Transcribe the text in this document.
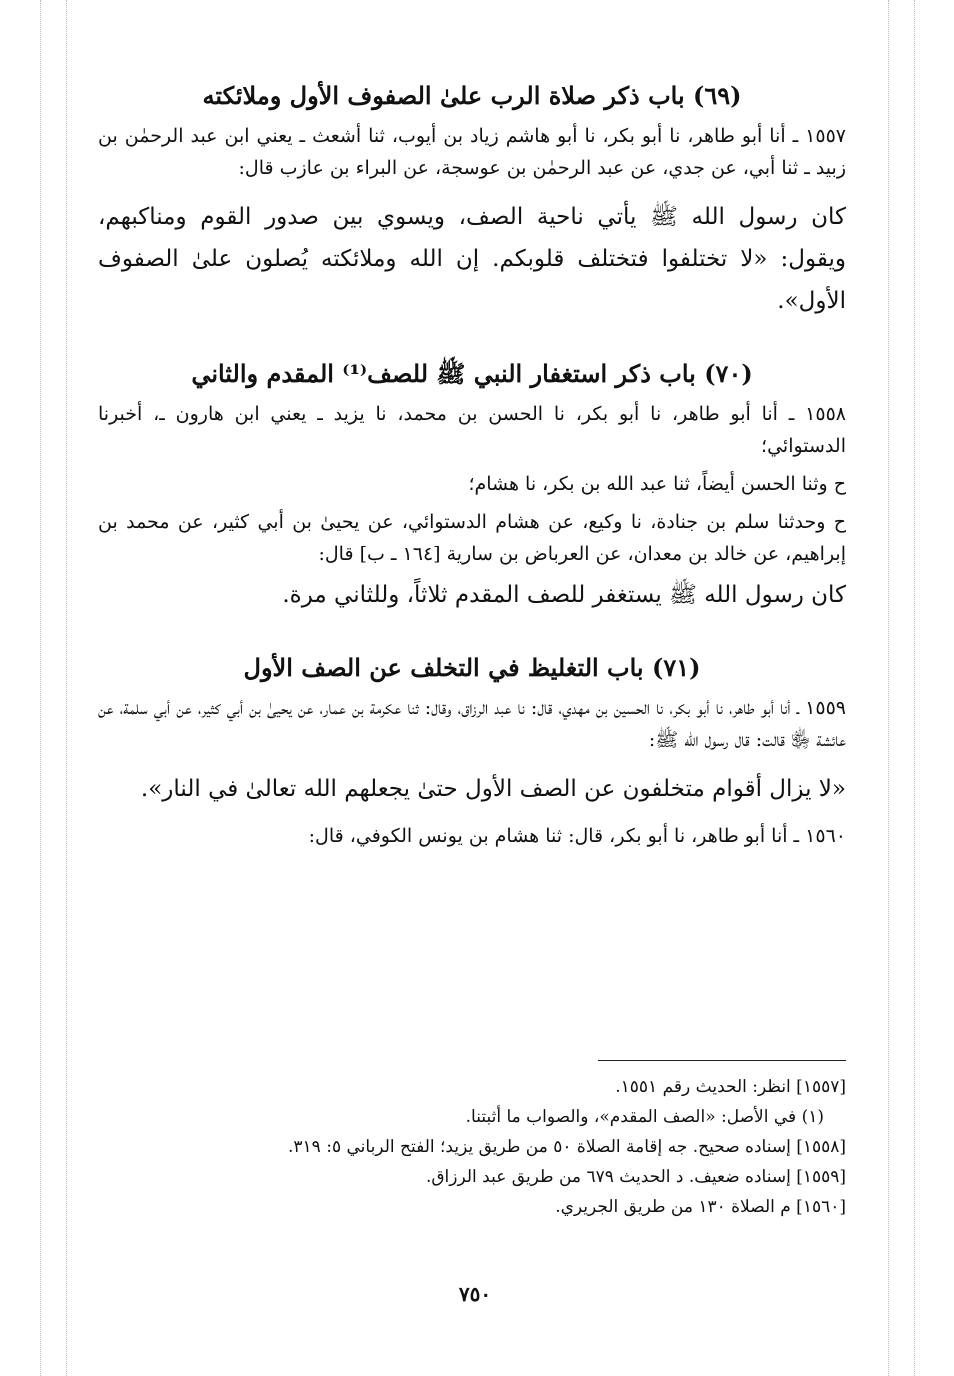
(٦٩) باب ذكر صلاة الرب علىٰ الصفوف الأول وملائكته

١٥٥٧ ـ أنا أبو طاهر، نا أبو بكر، نا أبو هاشم زياد بن أيوب، ثنا أشعث ـ يعني ابن عبد الرحمٰن بن زبيد ـ ثنا أبي، عن جدي، عن عبد الرحمٰن بن عوسجة، عن البراء بن عازب قال:

كان رسول الله ﷺ يأتي ناحية الصف، ويسوي بين صدور القوم ومناكبهم، ويقول: «لا تختلفوا فتختلف قلوبكم. إن الله وملائكته يُصلون علىٰ الصفوف الأول».

(٧٠) باب ذكر استغفار النبي ﷺ للصف⁽¹⁾ المقدم والثاني

١٥٥٨ ـ أنا أبو طاهر، نا أبو بكر، نا الحسن بن محمد، نا يزيد ـ يعني ابن هارون ـ، أخبرنا الدستوائي؛

ح وثنا الحسن أيضاً، ثنا عبد الله بن بكر، نا هشام؛

ح وحدثنا سلم بن جنادة، نا وكيع، عن هشام الدستوائي، عن يحيىٰ بن أبي كثير، عن محمد بن إبراهيم، عن خالد بن معدان، عن العرباض بن سارية [١٦٤ ـ ب] قال:

كان رسول الله ﷺ يستغفر للصف المقدم ثلاثاً، وللثاني مرة.

(٧١) باب التغليظ في التخلف عن الصف الأول

١٥٥٩ ـ أنا أبو طاهر، نا أبو بكر، نا الحسين بن مهدي، قال: نا عبد الرزاق، وقال: ثنا عكرمة بن عمار، عن يحيىٰ بن أبي كثير، عن أبي سلمة، عن عائشة ﵂ قالت: قال رسول الله ﷺ:

«لا يزال أقوام متخلفون عن الصف الأول حتىٰ يجعلهم الله تعالىٰ في النار».

١٥٦٠ ـ أنا أبو طاهر، نا أبو بكر، قال: ثنا هشام بن يونس الكوفي، قال:

[١٥٥٧] انظر: الحديث رقم ١٥٥١.

(١) في الأصل: «الصف المقدم»، والصواب ما أثبتنا.

[١٥٥٨] إسناده صحيح. جه إقامة الصلاة ٥٠ من طريق يزيد؛ الفتح الرباني ٥: ٣١٩.

[١٥٥٩] إسناده ضعيف. د الحديث ٦٧٩ من طريق عبد الرزاق.

[١٥٦٠] م الصلاة ١٣٠ من طريق الجريري.

٧٥٠
